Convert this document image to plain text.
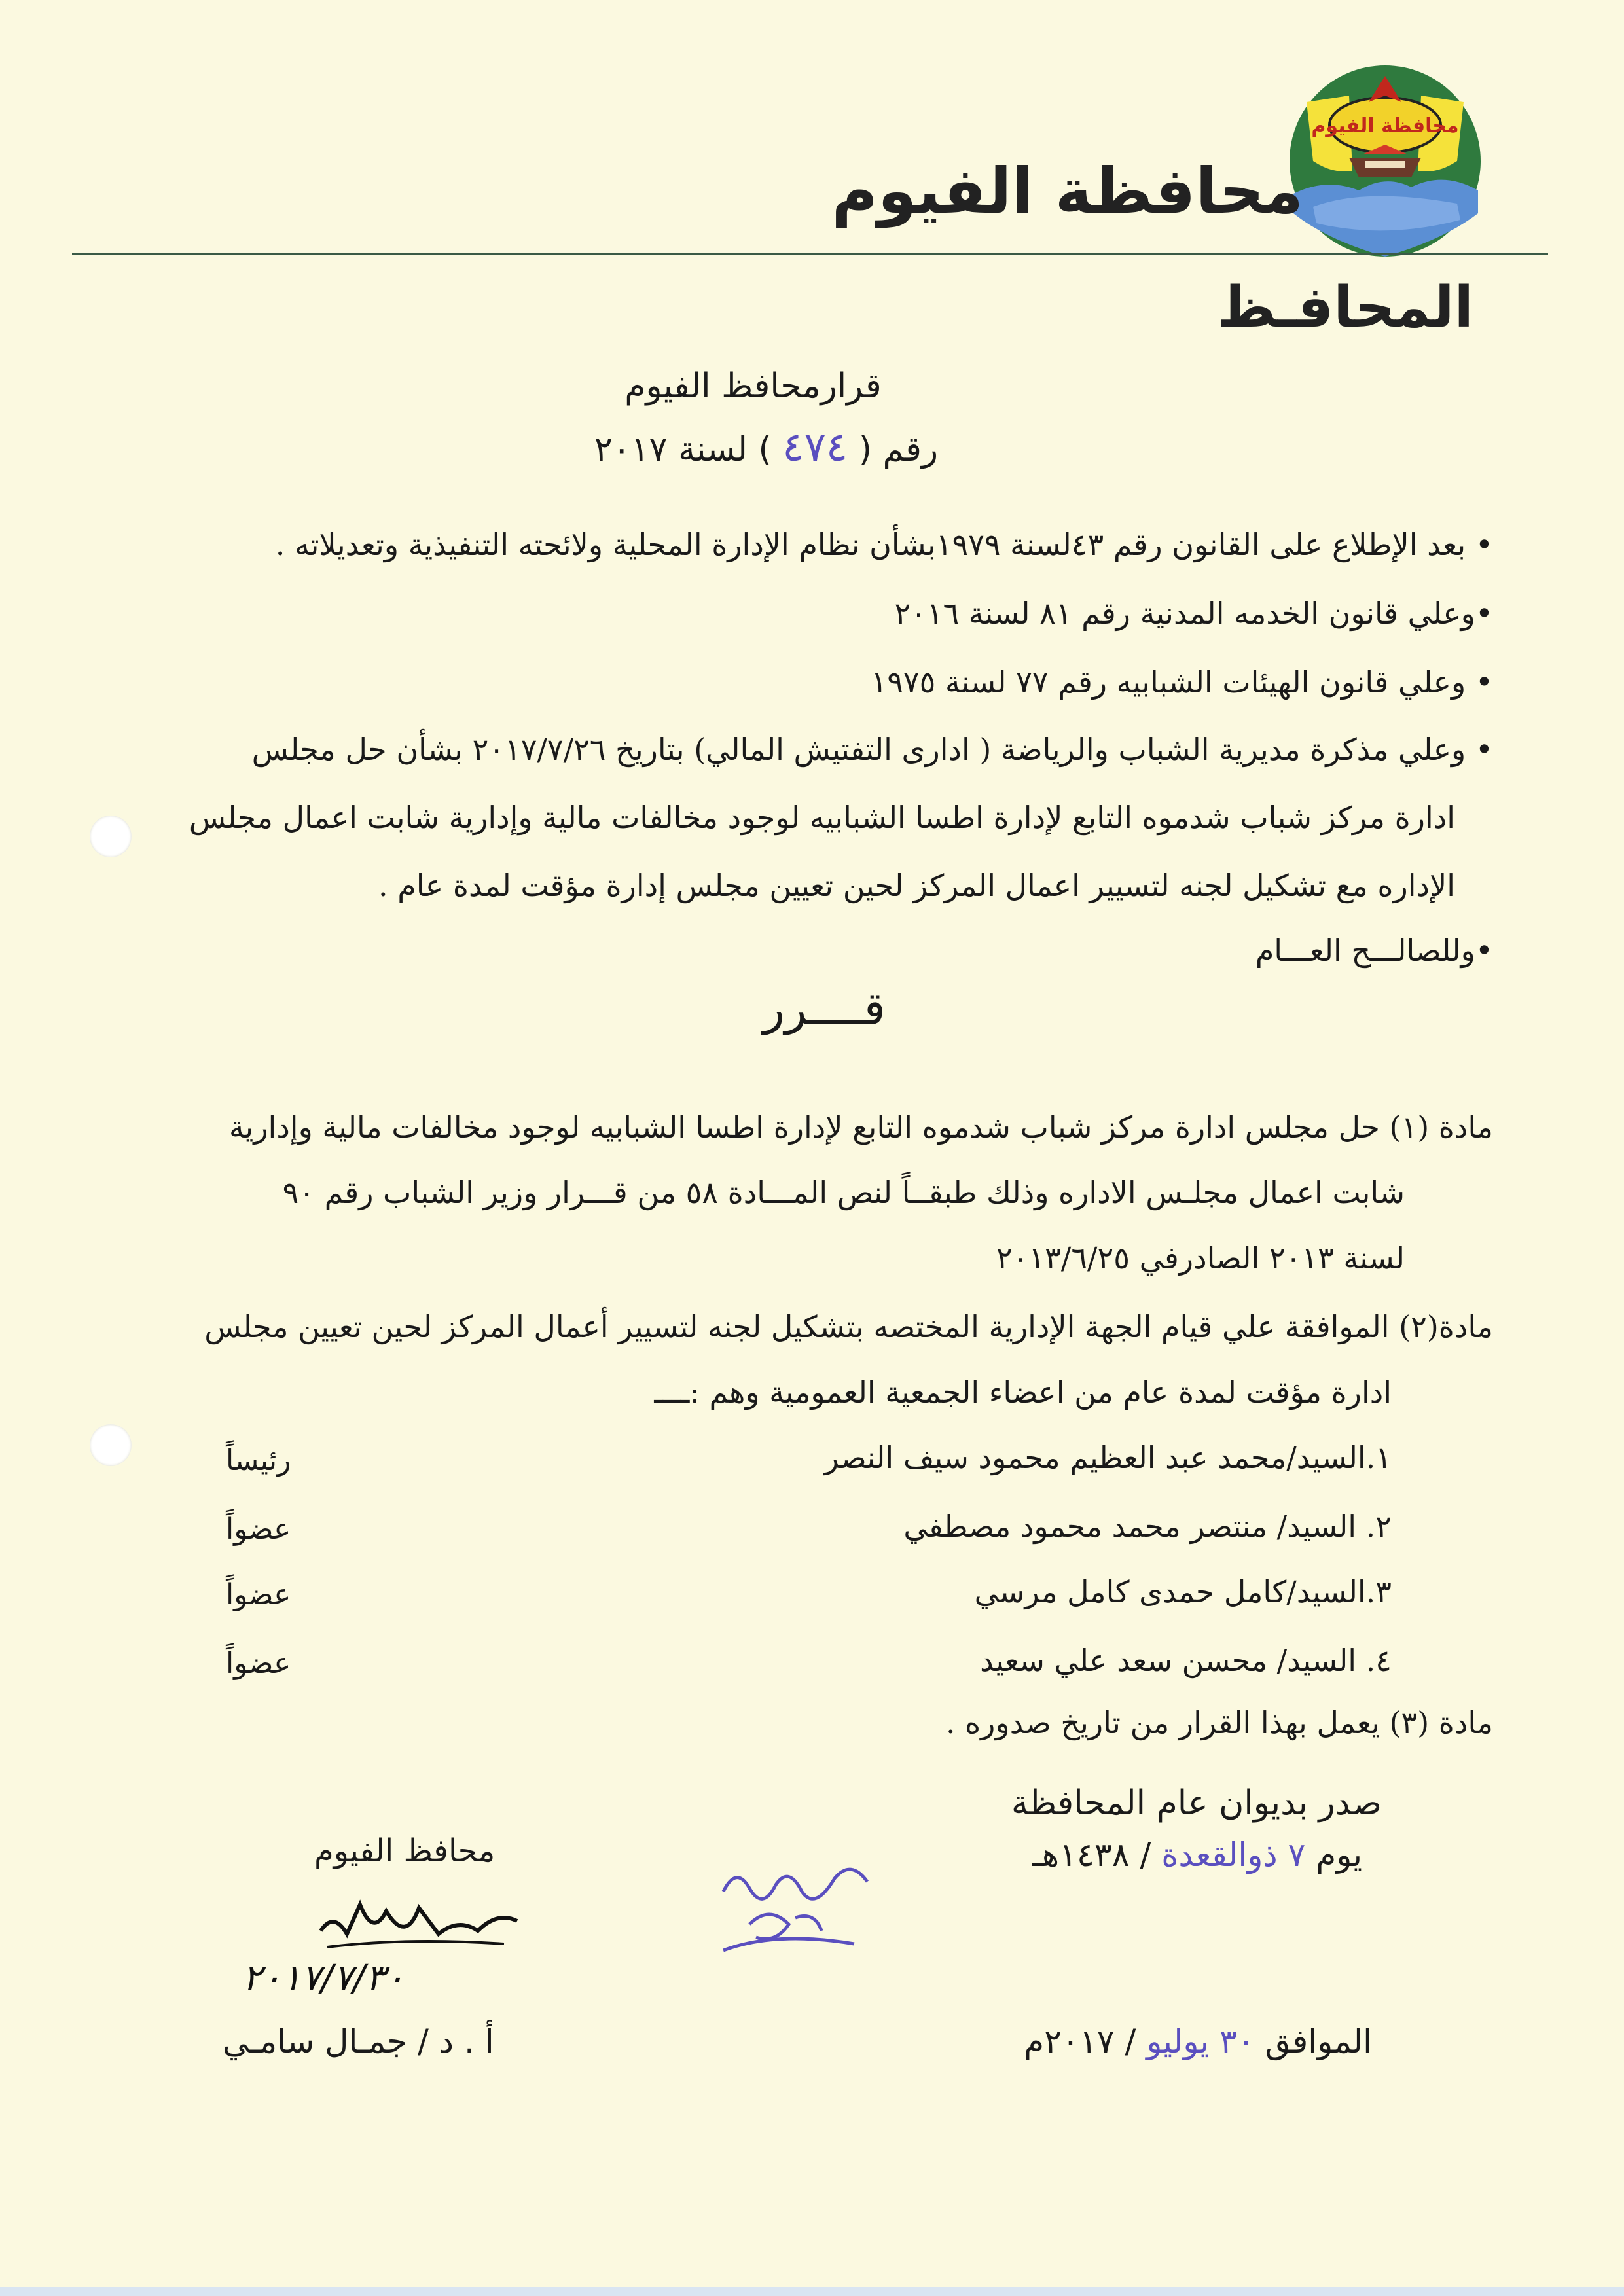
محافظة الفيوم
محافظة الفيوم
المحافـظ
قرارمحافظ الفيوم
رقم ( ٤٧٤ ) لسنة ٢٠١٧
• بعد الإطلاع على القانون رقم ٤٣لسنة ١٩٧٩بشأن نظام الإدارة المحلية ولائحته التنفيذية وتعديلاته .
•وعلي قانون الخدمه المدنية رقم ٨١ لسنة ٢٠١٦
• وعلي قانون الهيئات الشبابيه رقم ٧٧ لسنة ١٩٧٥
• وعلي مذكرة مديرية الشباب والرياضة ( ادارى التفتيش المالي) بتاريخ ٢٠١٧/٧/٢٦ بشأن حل مجلس
ادارة مركز شباب شدموه التابع لإدارة اطسا الشبابيه لوجود مخالفات مالية وإدارية شابت اعمال مجلس
الإداره مع تشكيل لجنه لتسيير اعمال المركز لحين تعيين مجلس إدارة مؤقت لمدة عام .
•وللصالـــح العـــام
قــــرر
مادة (١) حل مجلس ادارة مركز شباب شدموه التابع لإدارة اطسا الشبابيه لوجود مخالفات مالية وإدارية
شابت اعمال مجلـس الاداره وذلك طبقــاً لنص المـــادة ٥٨ من قـــرار وزير الشباب رقم ٩٠
لسنة ٢٠١٣ الصادرفي ٢٠١٣/٦/٢٥
مادة(٢) الموافقة علي قيام الجهة الإدارية المختصه بتشكيل لجنه لتسيير أعمال المركز لحين تعيين مجلس
ادارة مؤقت لمدة عام من اعضاء الجمعية العمومية وهم :ــــ
١.السيد/محمد عبد العظيم محمود سيف النصر
رئيساً
٢. السيد/ منتصر محمد محمود مصطفي
عضواً
٣.السيد/كامل حمدى كامل مرسي
عضواً
٤. السيد/ محسن سعد علي سعيد
عضواً
مادة (٣) يعمل بهذا القرار من تاريخ صدوره .
صدر بديوان عام المحافظة
يوم ٧ ذوالقعدة / ١٤٣٨هـ
الموافق ٣٠ يوليو / ٢٠١٧م
محافظ الفيوم
٢٠١٧/٧/٣٠
أ . د / جمـال سامـي
